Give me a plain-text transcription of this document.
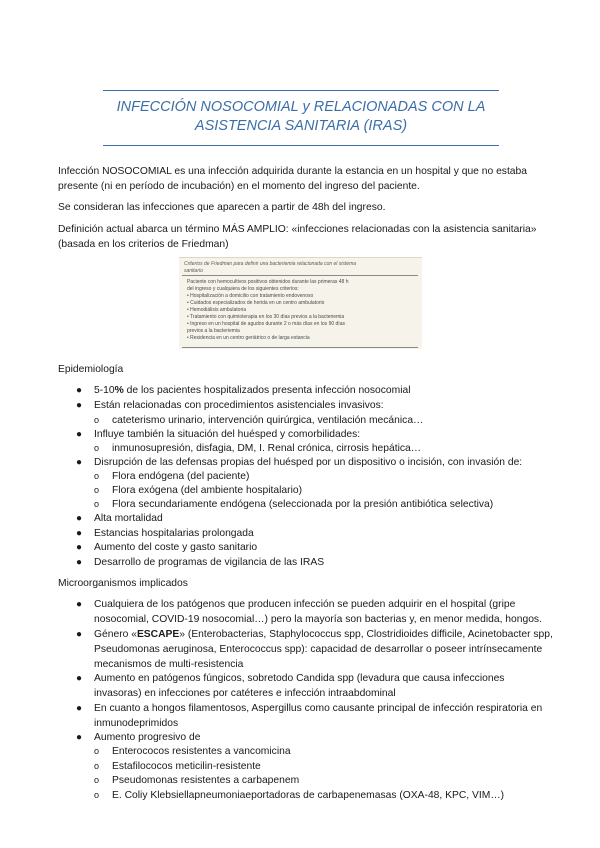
INFECCIÓN NOSOCOMIAL y RELACIONADAS CON LA
ASISTENCIA SANITARIA (IRAS)
Infección NOSOCOMIAL es una infección adquirida durante la estancia en un hospital y que no estaba
presente (ni en período de incubación) en el momento del ingreso del paciente.
Se consideran las infecciones que aparecen a partir de 48h del ingreso.
Definición actual abarca un término MÁS AMPLIO: «infecciones relacionadas con la asistencia sanitaria»
(basada en los criterios de Friedman)
Criterios de Friedman para definir una bacteriemia relacionada con el sistema
sanitario
Paciente con hemocultivos positivos obtenidos durante las primeras 48 h
del ingreso y cualquiera de los siguientes criterios:
• Hospitalización a domicilio con tratamiento endovenoso
• Cuidados especializados de herida en un centro ambulatorio
• Hemodiálisis ambulatoria
• Tratamiento con quimioterapia en los 30 días previos a la bacteriemia
• Ingreso en un hospital de agudos durante 2 o más días en los 90 días
previos a la bacteriemia
• Residencia en un centro geriátrico o de larga estancia
Epidemiología
● 5-10% de los pacientes hospitalizados presenta infección nosocomial
● Están relacionadas con procedimientos asistenciales invasivos:
o cateterismo urinario, intervención quirúrgica, ventilación mecánica…
● Influye también la situación del huésped y comorbilidades:
o inmunosupresión, disfagia, DM, I. Renal crónica, cirrosis hepática…
● Disrupción de las defensas propias del huésped por un dispositivo o incisión, con invasión de:
o Flora endógena (del paciente)
o Flora exógena (del ambiente hospitalario)
o Flora secundariamente endógena (seleccionada por la presión antibiótica selectiva)
● Alta mortalidad
● Estancias hospitalarias prolongada
● Aumento del coste y gasto sanitario
● Desarrollo de programas de vigilancia de las IRAS
Microorganismos implicados
● Cualquiera de los patógenos que producen infección se pueden adquirir en el hospital (gripe
nosocomial, COVID-19 nosocomial…) pero la mayoría son bacterias y, en menor medida, hongos.
● Género «ESCAPE» (Enterobacterias, Staphylococcus spp, Clostridioides difficile, Acinetobacter spp,
Pseudomonas aeruginosa, Enterococcus spp): capacidad de desarrollar o poseer intrínsecamente
mecanismos de multi-resistencia
● Aumento en patógenos fúngicos, sobretodo Candida spp (levadura que causa infecciones
invasoras) en infecciones por catéteres e infección intraabdominal
● En cuanto a hongos filamentosos, Aspergillus como causante principal de infección respiratoria en
inmunodeprimidos
● Aumento progresivo de
o Enterococos resistentes a vancomicina
o Estafilococos meticilin-resistente
o Pseudomonas resistentes a carbapenem
o E. Coliy Klebsiellapneumoniaeportadoras de carbapenemasas (OXA-48, KPC, VIM…)
